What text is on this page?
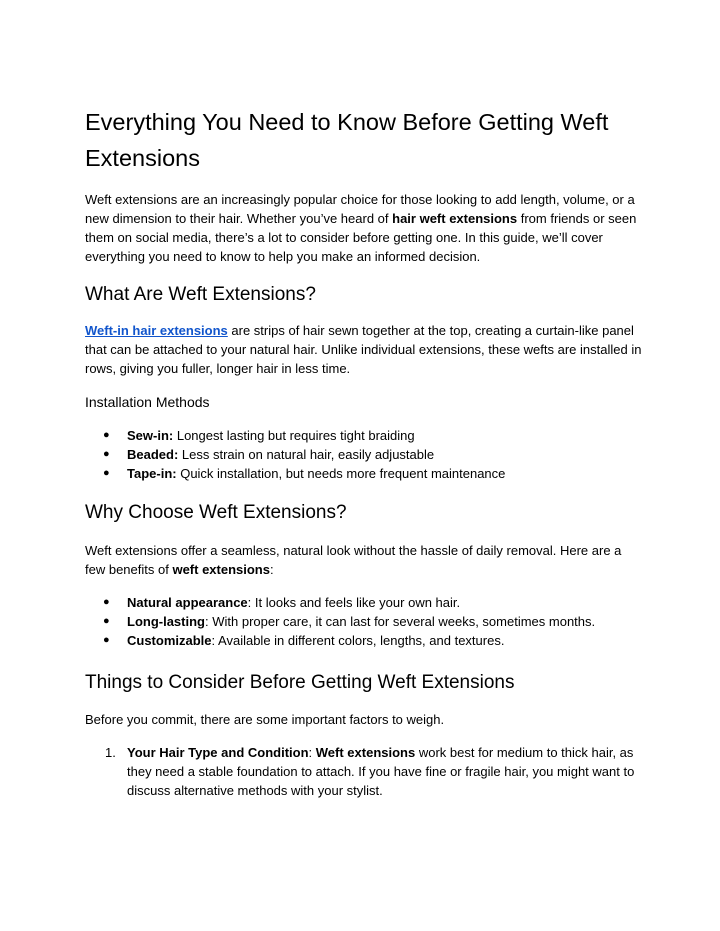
Everything You Need to Know Before Getting Weft Extensions

Weft extensions are an increasingly popular choice for those looking to add length, volume, or a new dimension to their hair. Whether you’ve heard of hair weft extensions from friends or seen them on social media, there’s a lot to consider before getting one. In this guide, we’ll cover everything you need to know to help you make an informed decision.

What Are Weft Extensions?

Weft-in hair extensions are strips of hair sewn together at the top, creating a curtain-like panel that can be attached to your natural hair. Unlike individual extensions, these wefts are installed in rows, giving you fuller, longer hair in less time.

Installation Methods
● Sew-in: Longest lasting but requires tight braiding
● Beaded: Less strain on natural hair, easily adjustable
● Tape-in: Quick installation, but needs more frequent maintenance
Why Choose Weft Extensions?

Weft extensions offer a seamless, natural look without the hassle of daily removal. Here are a few benefits of weft extensions:

● Natural appearance: It looks and feels like your own hair.
● Long-lasting: With proper care, it can last for several weeks, sometimes months.
● Customizable: Available in different colors, lengths, and textures.
Things to Consider Before Getting Weft Extensions

Before you commit, there are some important factors to weigh.

1. Your Hair Type and Condition: Weft extensions work best for medium to thick hair, as they need a stable foundation to attach. If you have fine or fragile hair, you might want to discuss alternative methods with your stylist.
